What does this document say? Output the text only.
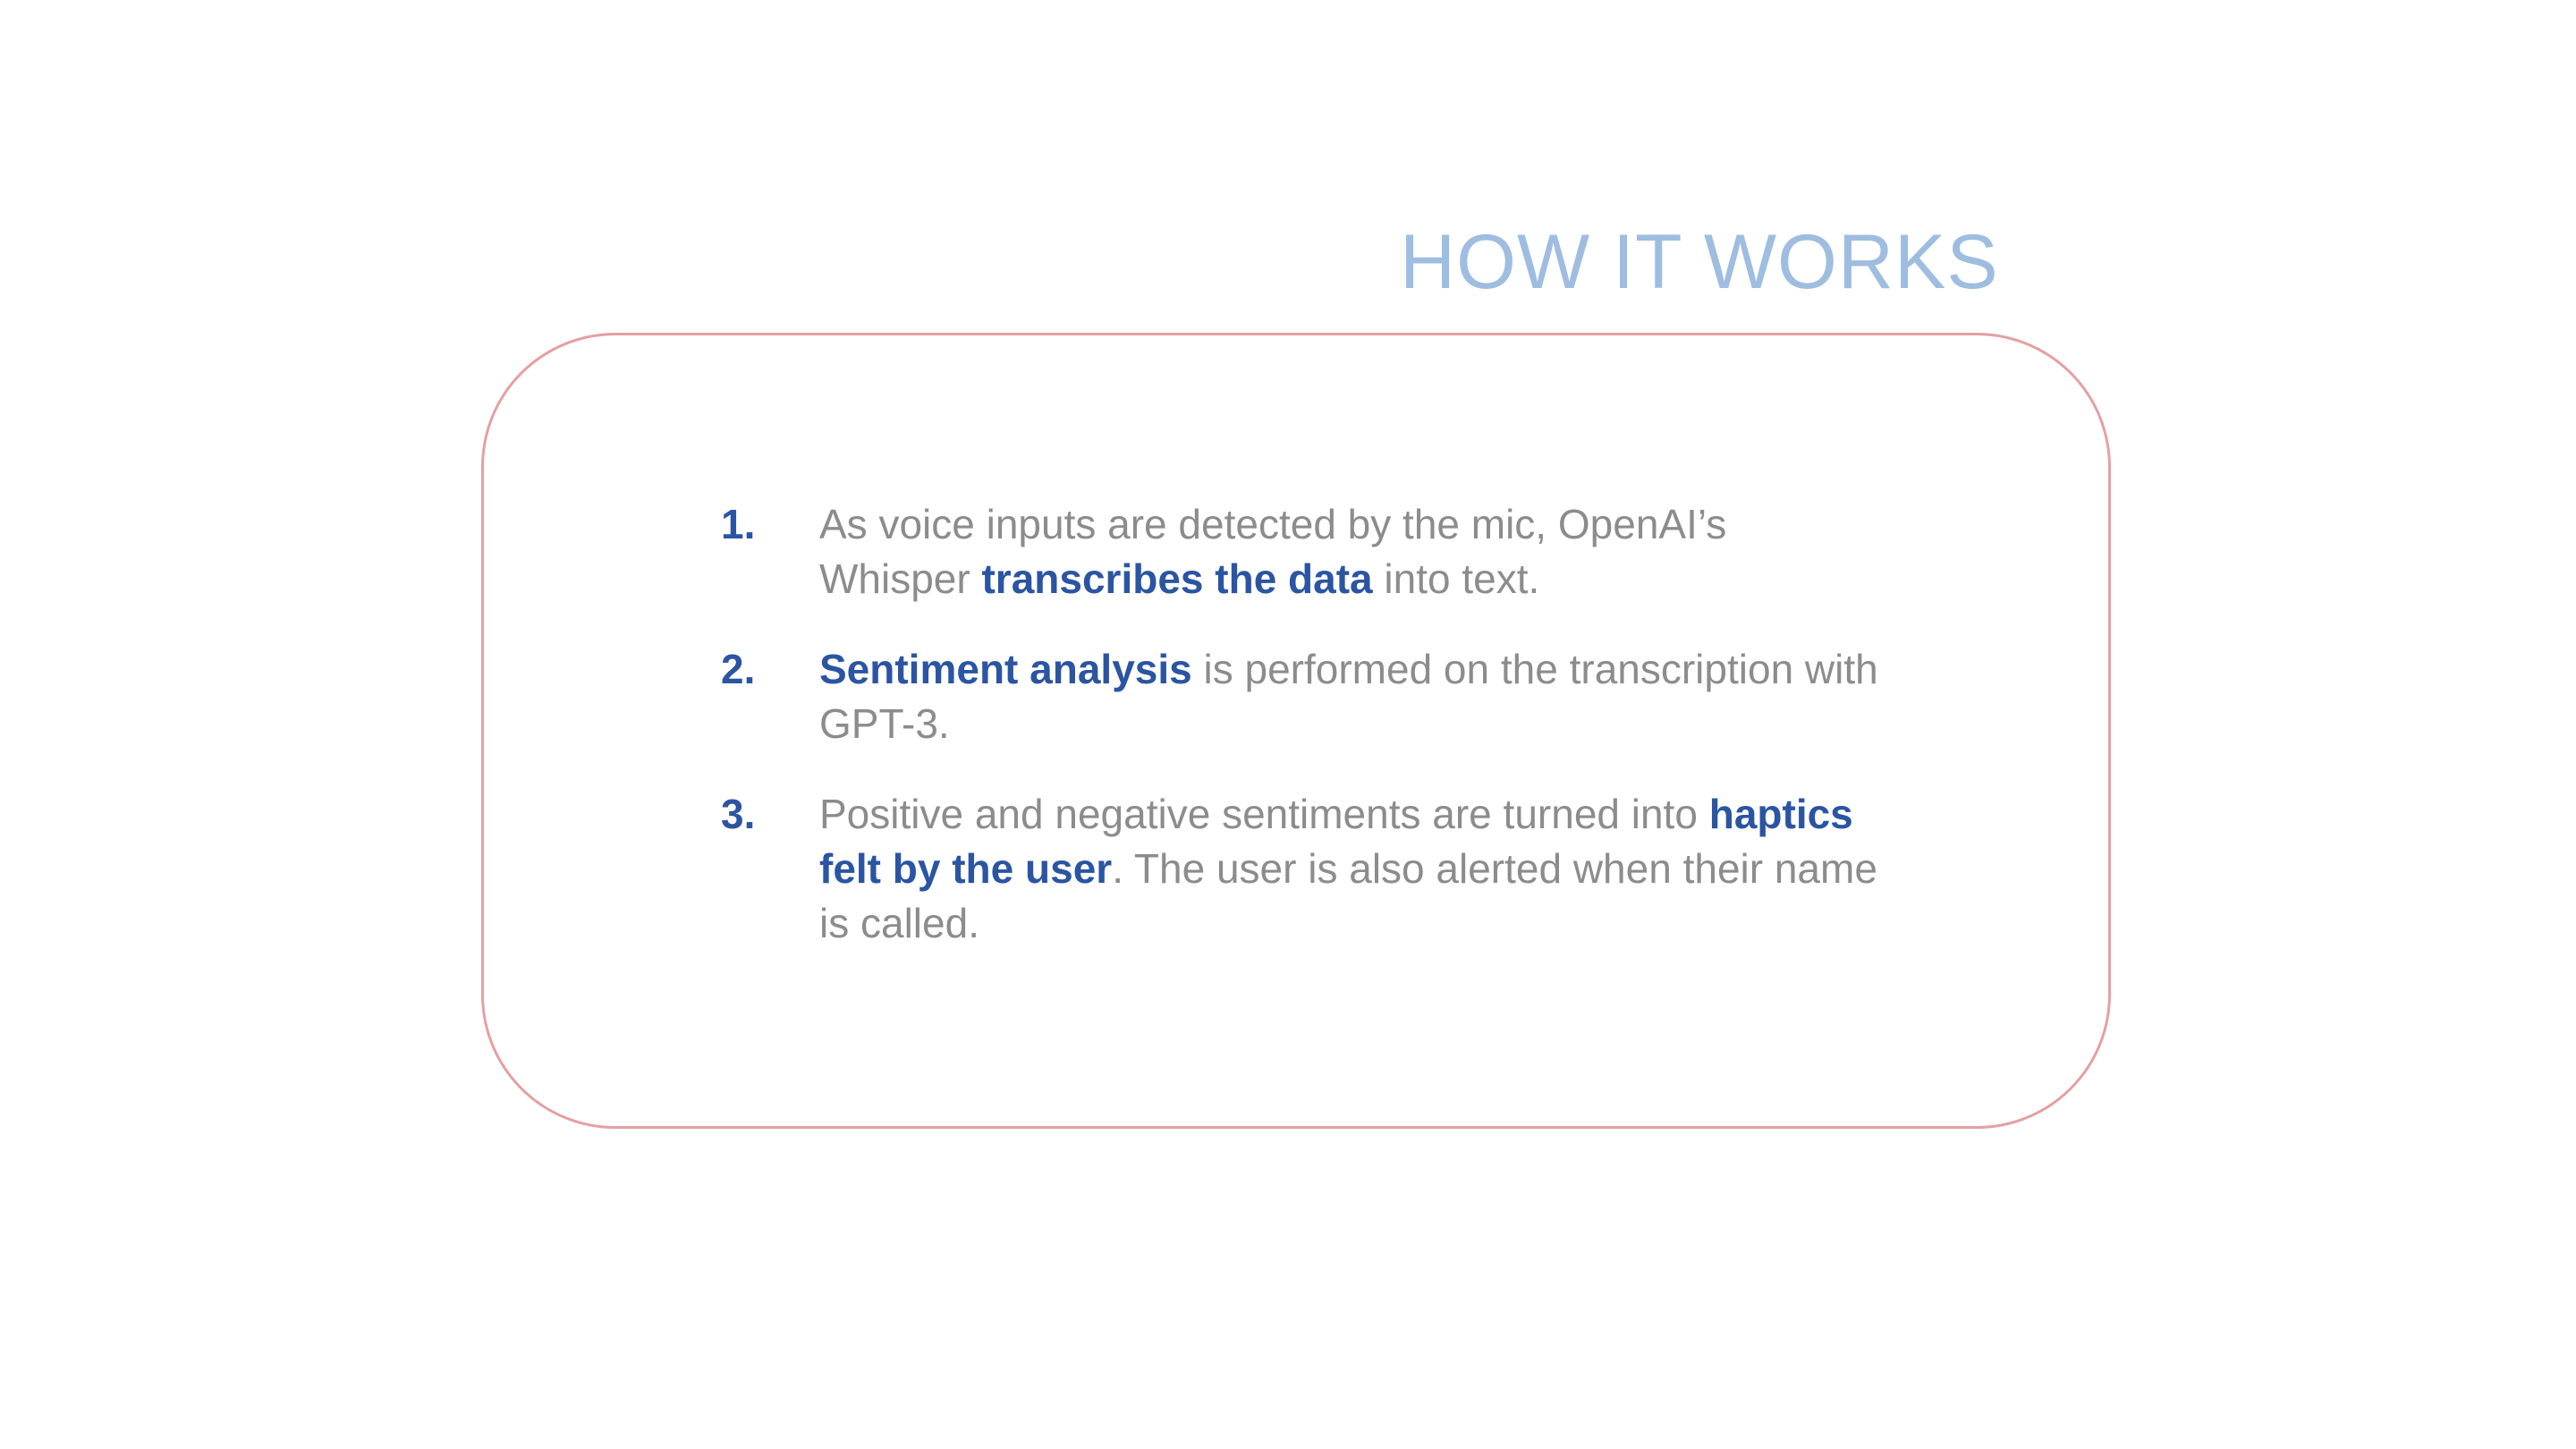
HOW IT WORKS
1.	As voice inputs are detected by the mic, OpenAI’s Whisper transcribes the data into text.
2.	Sentiment analysis is performed on the transcription with GPT-3.
3.	Positive and negative sentiments are turned into haptics felt by the user. The user is also alerted when their name is called.
